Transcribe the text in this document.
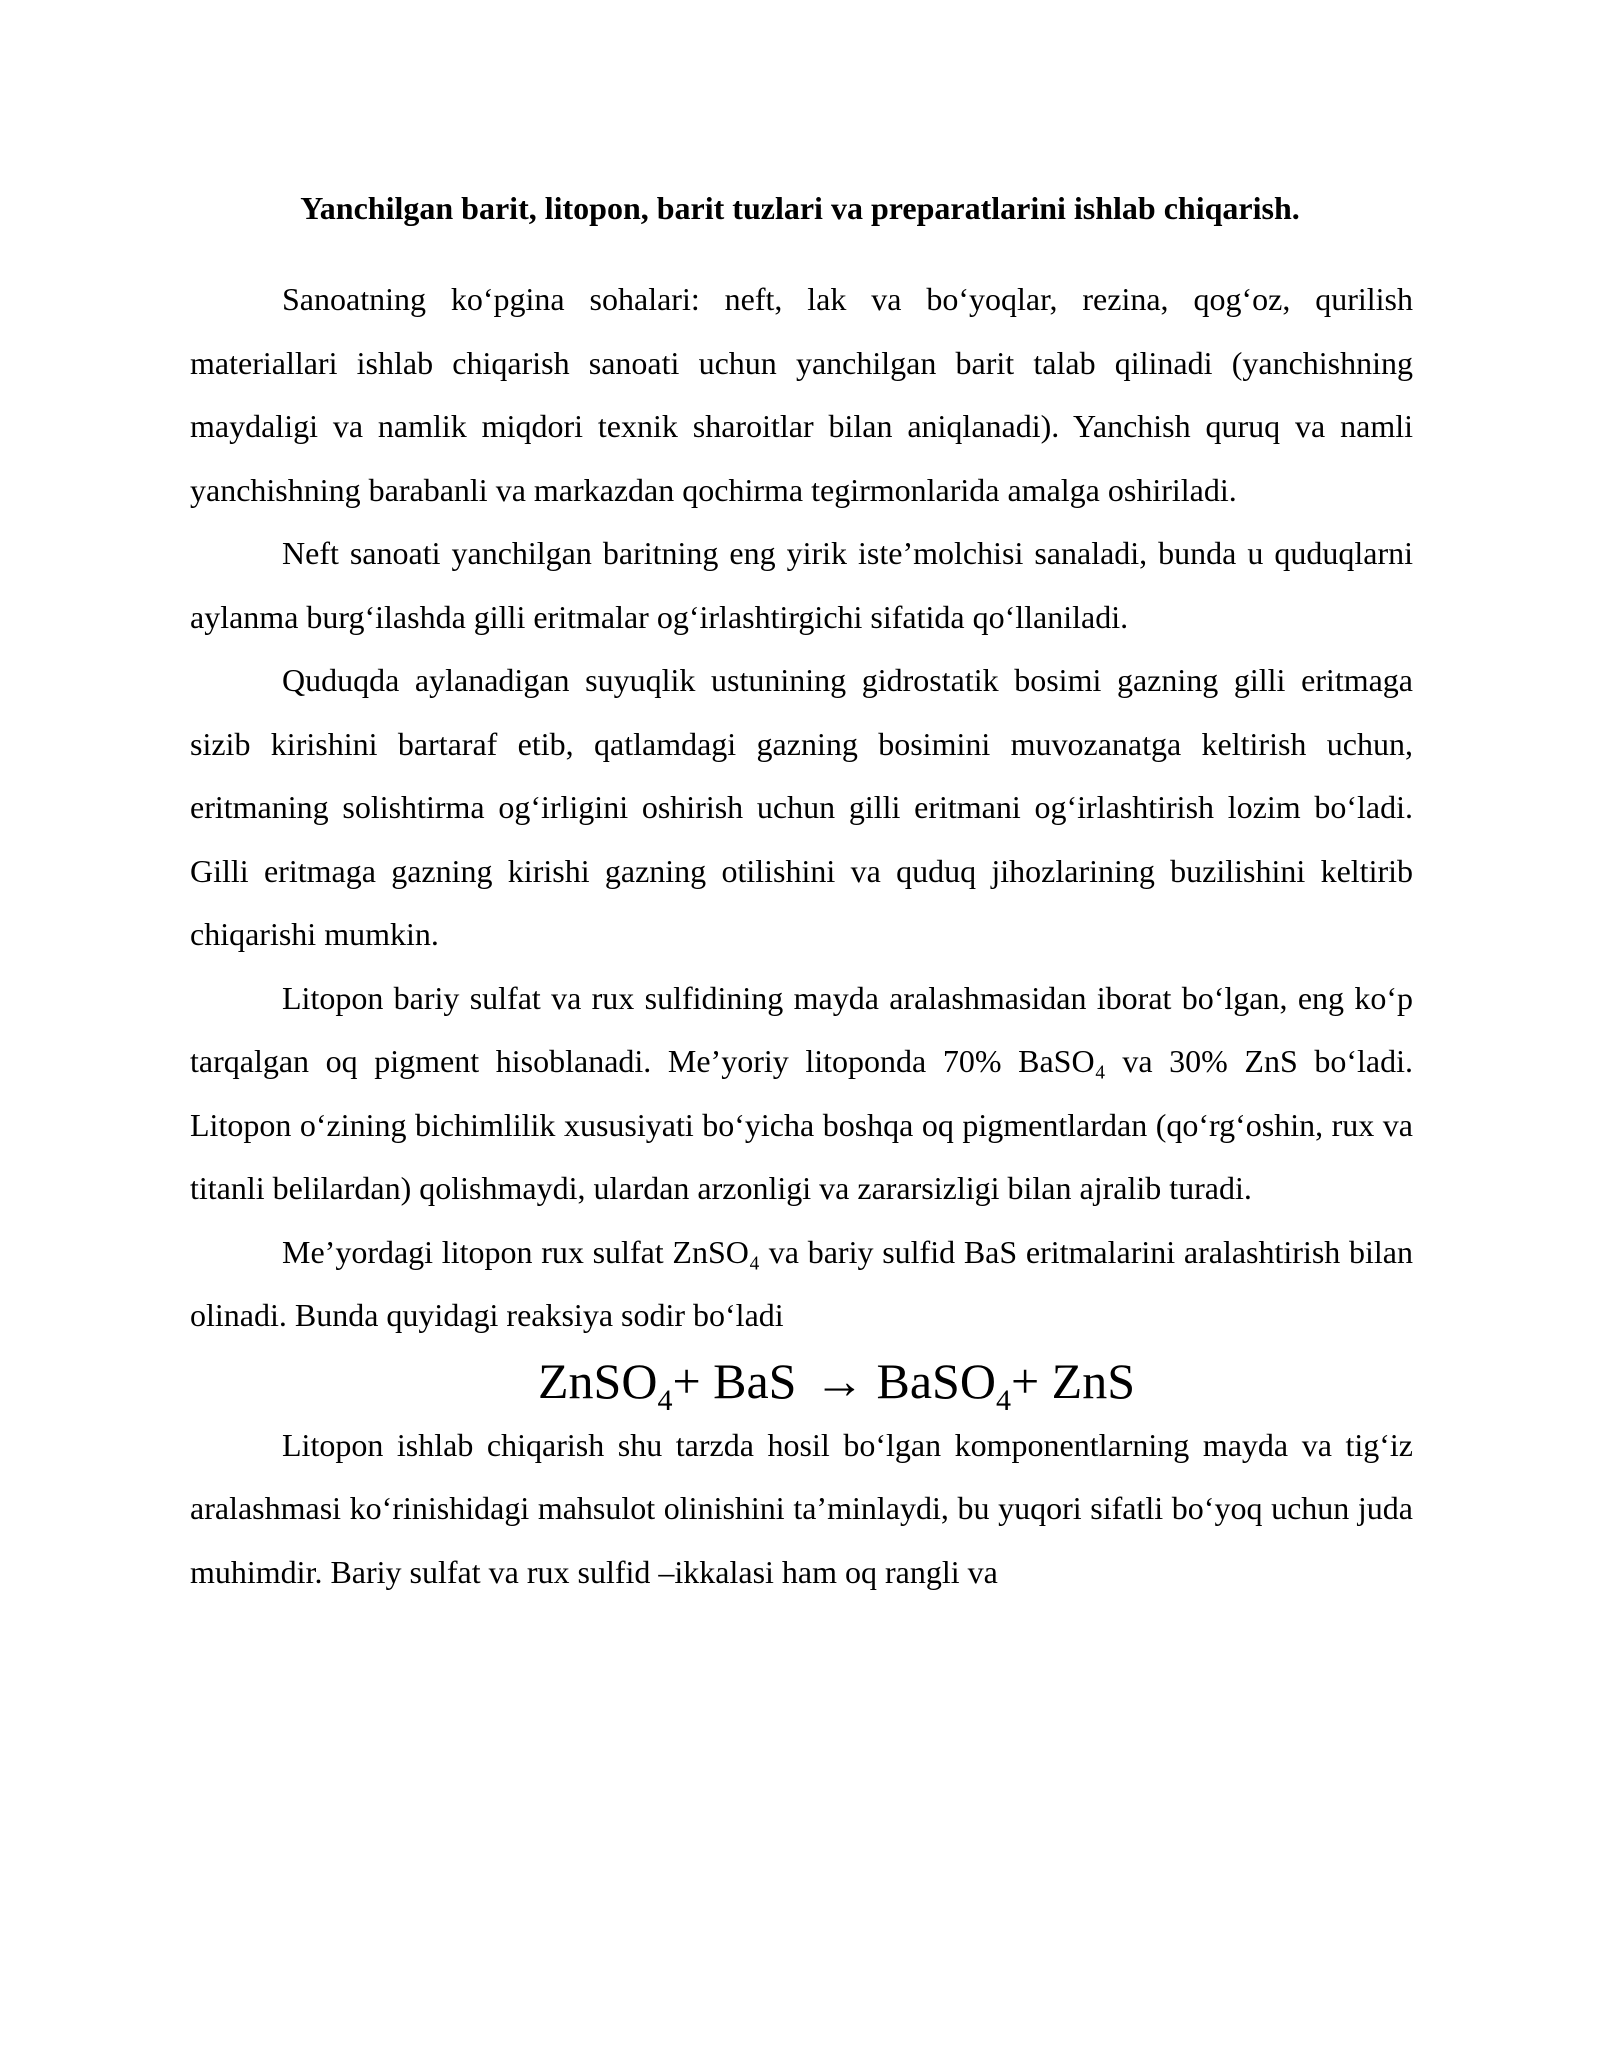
Yanchilgan barit, litopon, barit tuzlari va preparatlarini ishlab chiqarish.

Sanoatning ko‘pgina sohalari: neft, lak va bo‘yoqlar, rezina, qog‘oz, qurilish materiallari ishlab chiqarish sanoati uchun yanchilgan barit talab qilinadi (yanchishning maydaligi va namlik miqdori texnik sharoitlar bilan aniqlanadi). Yanchish quruq va namli yanchishning barabanli va markazdan qochirma tegirmonlarida amalga oshiriladi.

Neft sanoati yanchilgan baritning eng yirik iste’molchisi sanaladi, bunda u quduqlarni aylanma burg‘ilashda gilli eritmalar og‘irlashtirgichi sifatida qo‘llaniladi.

Quduqda aylanadigan suyuqlik ustunining gidrostatik bosimi gazning gilli eritmaga sizib kirishini bartaraf etib, qatlamdagi gazning bosimini muvozanatga keltirish uchun, eritmaning solishtirma og‘irligini oshirish uchun gilli eritmani og‘irlashtirish lozim bo‘ladi. Gilli eritmaga gazning kirishi gazning otilishini va quduq jihozlarining buzilishini keltirib chiqarishi mumkin.

Litopon bariy sulfat va rux sulfidining mayda aralashmasidan iborat bo‘lgan, eng ko‘p tarqalgan oq pigment hisoblanadi. Me’yoriy litoponda 70% BaSO₄ va 30% ZnS bo‘ladi. Litopon o‘zining bichimlilik xususiyati bo‘yicha boshqa oq pigmentlardan (qo‘rg‘oshin, rux va titanli belilardan) qolishmaydi, ulardan arzonligi va zararsizligi bilan ajralib turadi.

Me’yordagi litopon rux sulfat ZnSO₄ va bariy sulfid BaS eritmalarini aralashtirish bilan olinadi. Bunda quyidagi reaksiya sodir bo‘ladi

ZnSO$_4$+ BaS → BaSO$_4$+ ZnS

Litopon ishlab chiqarish shu tarzda hosil bo‘lgan komponentlarning mayda va tig‘iz aralashmasi ko‘rinishidagi mahsulot olinishini ta’minlaydi, bu yuqori sifatli bo‘yoq uchun juda muhimdir. Bariy sulfat va rux sulfid –ikkalasi ham oq rangli va
